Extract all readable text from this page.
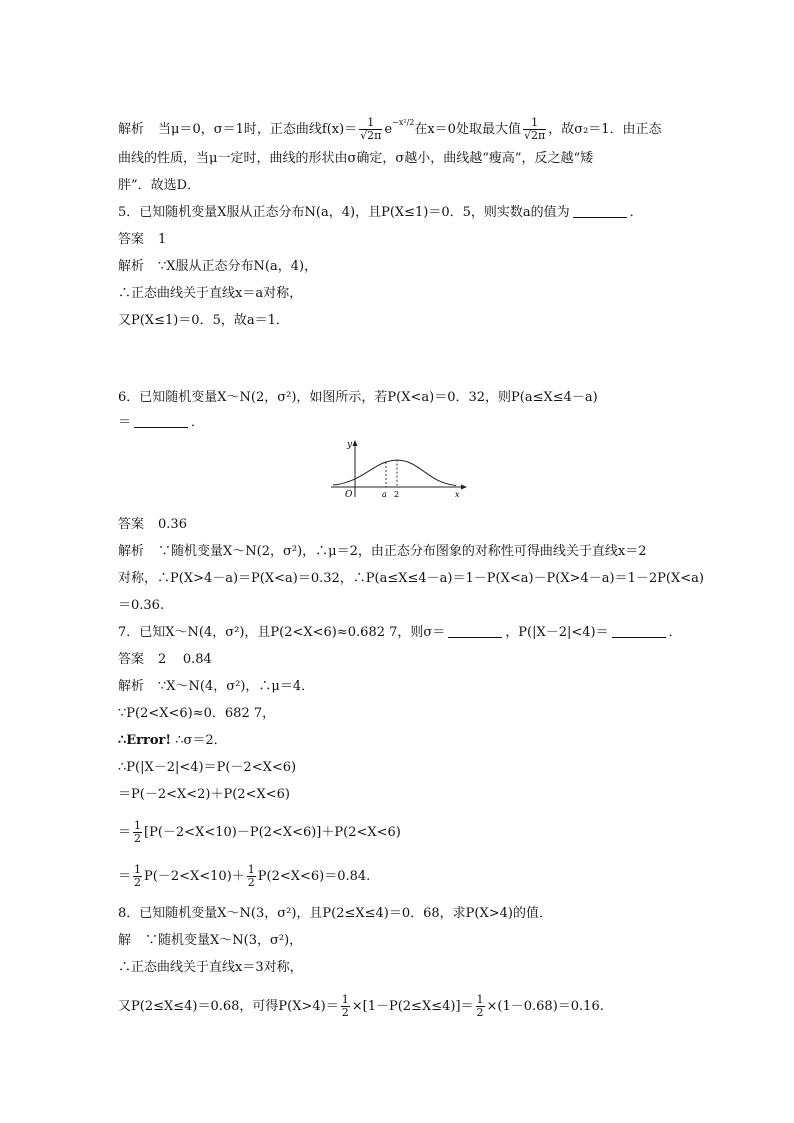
解析 当μ＝0，σ＝1时，正态曲线$f(x)= \frac{1}{√2\pi} e^{-x^2/2}$在x＝0处取最大值 $\frac{1}{√2\pi}$ ，故σ₂＝1．由正态
曲线的性质，当μ一定时，曲线的形状由σ确定，σ越小，曲线越“瘦高”，反之越“矮
胖”．故选D．
5．已知随机变量X服从正态分布N(a，4)，且P(X≤1)＝0．5，则实数a的值为	．
答案 1
解析 ∵X服从正态分布N(a，4)，
∴正态曲线关于直线x＝a对称，
又P(X≤1)＝0．5，故a＝1．
6．已知随机变量X～N(2，σ²)，如图所示，若P(X<a)＝0．32，则P(a≤X≤4－a)
＝	．
y
O	a 2	x
答案 0.36
解析 ∵随机变量X～N(2，σ²)，∴μ＝2，由正态分布图象的对称性可得曲线关于直线x＝2
对称，∴P(X>4－a)＝P(X<a)＝0.32，∴P(a≤X≤4－a)＝1－P(X<a)－P(X>4－a)＝1－2P(X<a)
＝0.36.
7．已知X～N(4，σ²)，且P(2<X<6)≈0.682 7，则σ＝	，P(|X－2|<4)＝	．
答案 2    0.84
解析 ∵X～N(4，σ²)，∴μ＝4．
∵P(2<X<6)≈0．682 7，
∴Error! ∴σ＝2．
∴P(|X－2|<4)＝P(－2<X<6)
＝P(－2<X<2)＋P(2<X<6)
＝ $\frac{1}{2} [P(-2<X<10)-P(2<X<6)]+P(2<X<6)$
＝ $\frac{1}{2} P(-2<X<10)+ \frac{1}{2} P(2<X<6)=0.84$.
8．已知随机变量X～N(3，σ²)，且P(2≤X≤4)＝0．68，求P(X>4)的值．
解 ∵随机变量X～N(3，σ²)，
∴正态曲线关于直线x＝3对称，
又P(2≤X≤4)＝0.68，可得$P(X>4)= \frac{1}{2} \times[1-P(2\le X\le 4)]= \frac{1}{2} \times(1-0.68)=0.16$.
